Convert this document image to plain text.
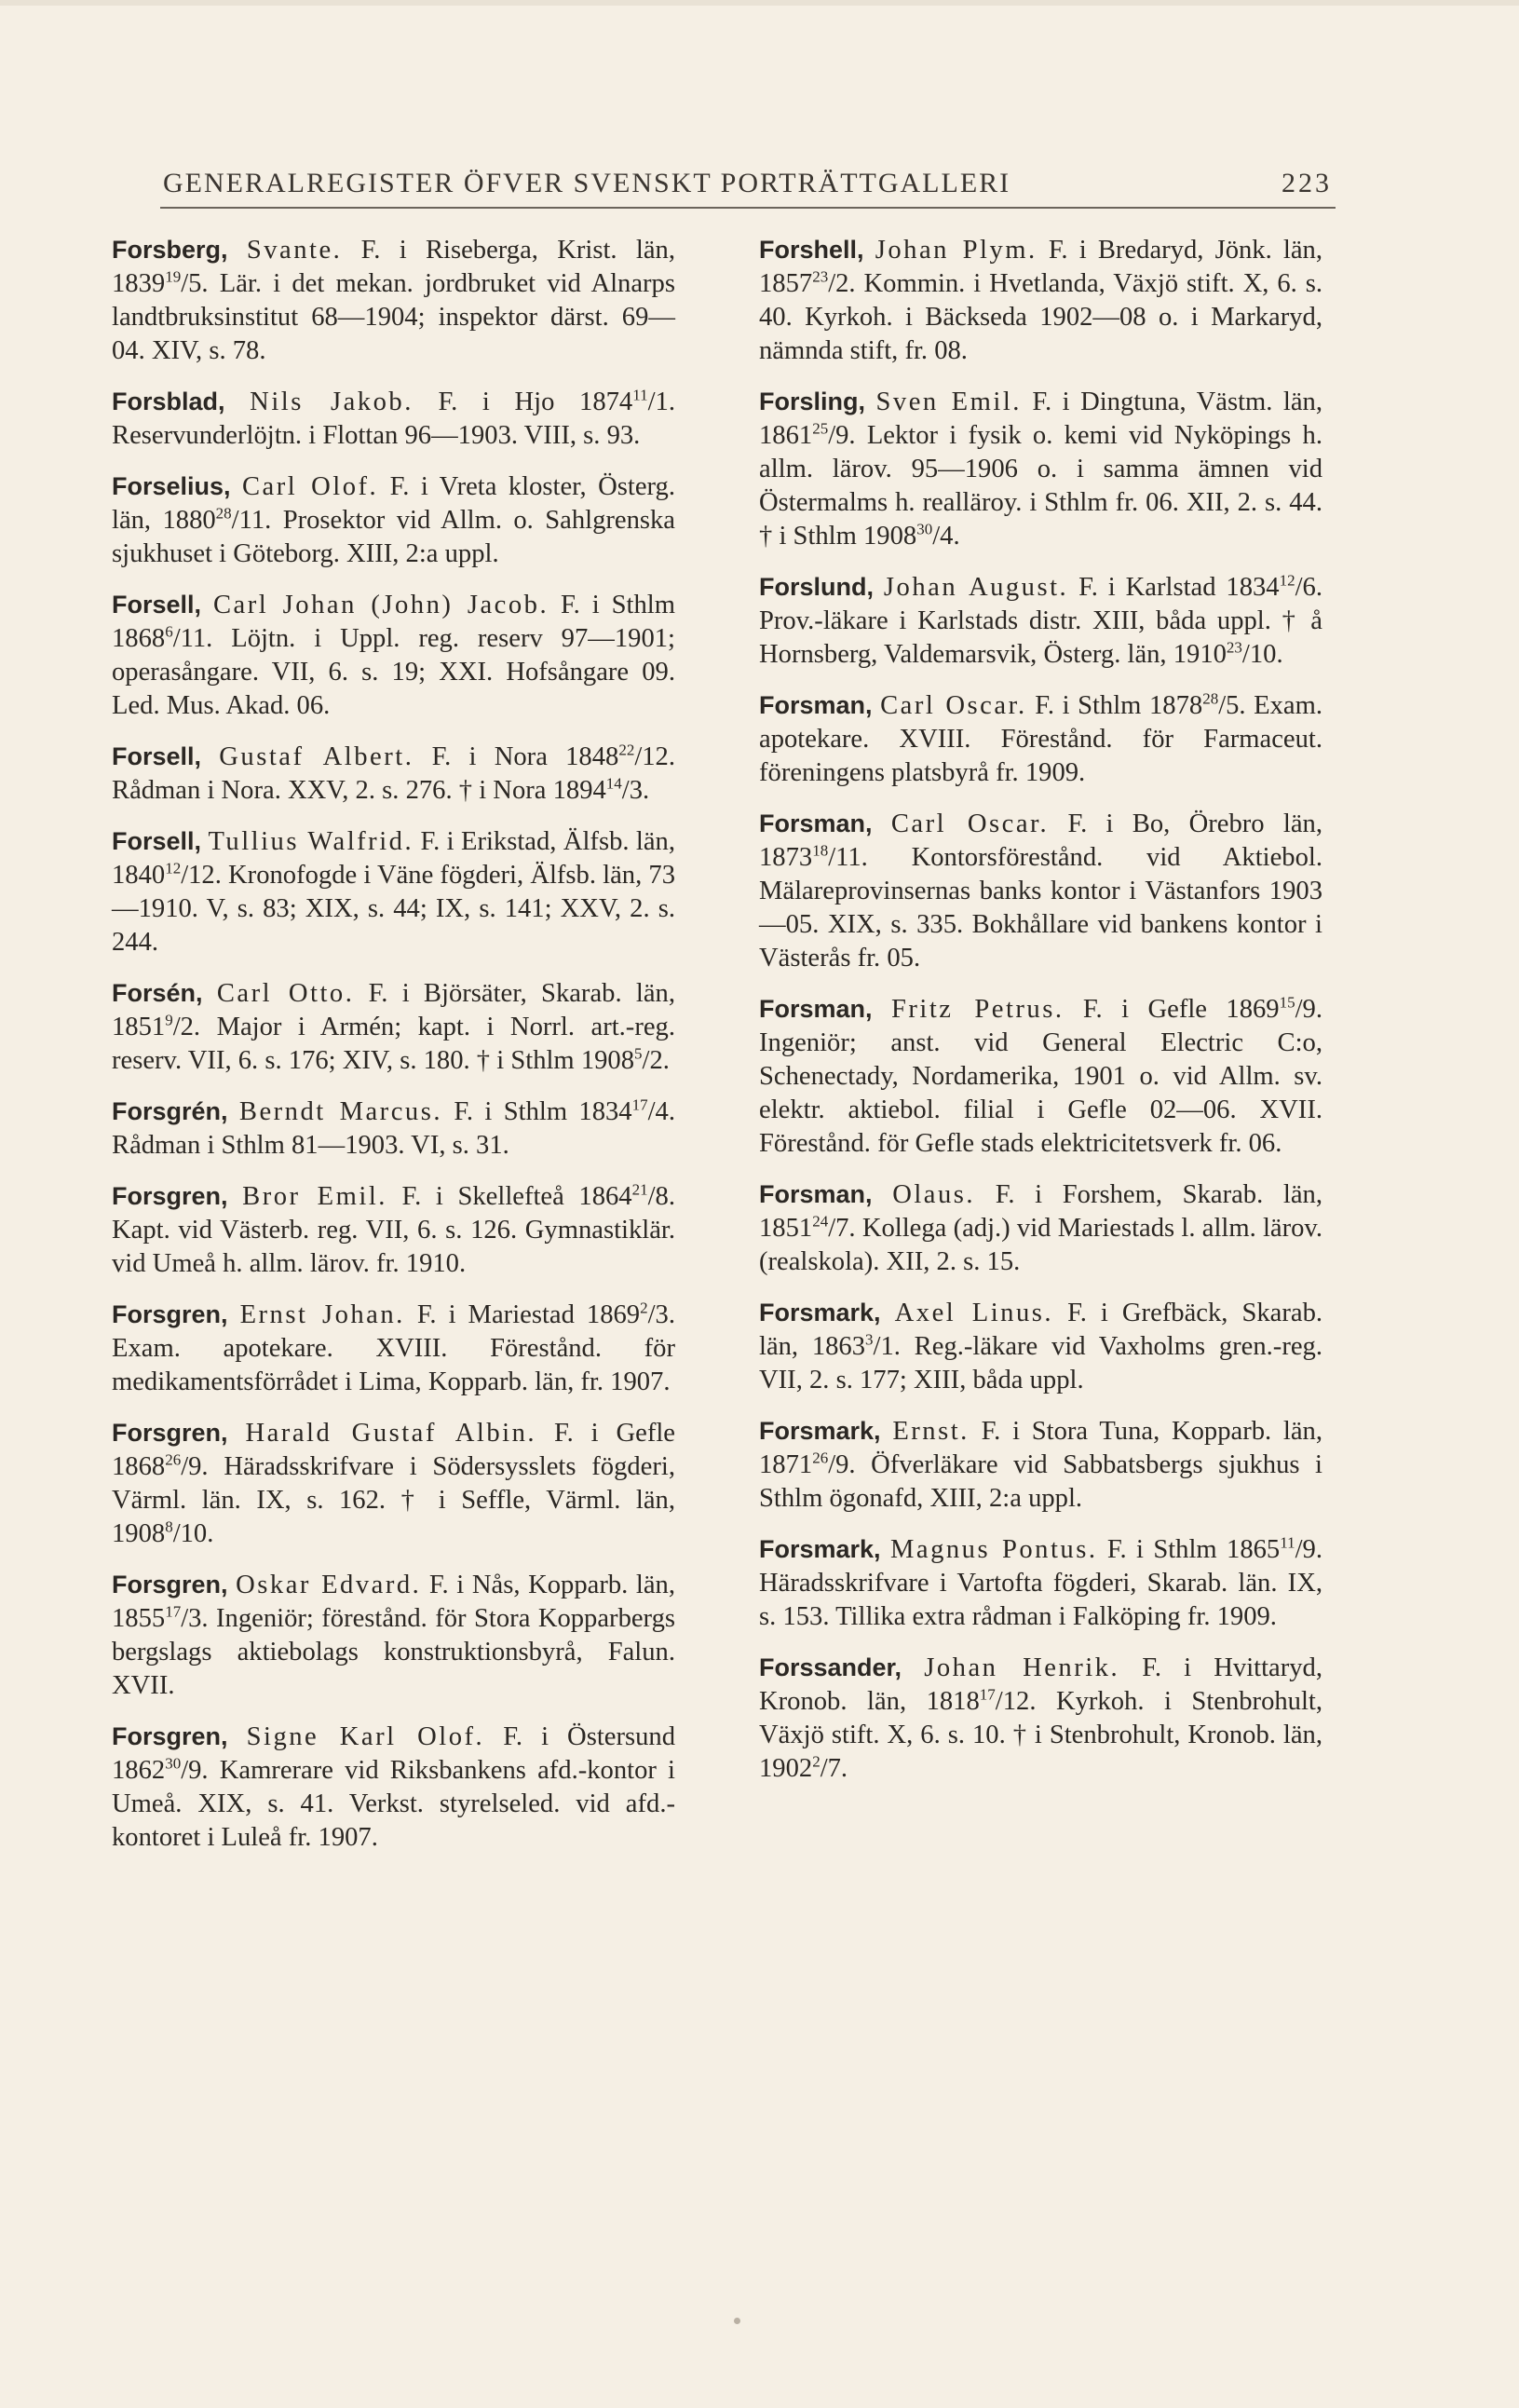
GENERALREGISTER ÖFVER SVENSKT PORTRÄTTGALLERI	223

Forsberg, Svante. F. i Riseberga, Krist. län, 1839$^{19}$/5. Lär. i det mekan. jordbruket vid Alnarps landtbruksinstitut 68—1904; inspektor därst. 69—04. XIV, s. 78.

Forsblad, Nils Jakob. F. i Hjo 1874$^{11}$/1. Reservunderlöjtn. i Flottan 96—1903. VIII, s. 93.

Forselius, Carl Olof. F. i Vreta kloster, Österg. län, 1880$^{28}$/11. Prosektor vid Allm. o. Sahlgrenska sjukhuset i Göteborg. XIII, 2:a uppl.

Forsell, Carl Johan (John) Jacob. F. i Sthlm 1868$^6$/11. Löjtn. i Uppl. reg. reserv 97—1901; operasångare. VII, 6. s. 19; XXI. Hofsångare 09. Led. Mus. Akad. 06.

Forsell, Gustaf Albert. F. i Nora 1848$^{22}$/12. Rådman i Nora. XXV, 2. s. 276. † i Nora 1894$^{14}$/3.

Forsell, Tullius Walfrid. F. i Erikstad, Älfsb. län, 1840$^{12}$/12. Kronofogde i Väne fögderi, Älfsb. län, 73—1910. V, s. 83; XIX, s. 44; IX, s. 141; XXV, 2. s. 244.

Forsén, Carl Otto. F. i Björsäter, Skarab. län, 1851$^9$/2. Major i Armén; kapt. i Norrl. art.-reg. reserv. VII, 6. s. 176; XIV, s. 180. † i Sthlm 1908$^5$/2.

Forsgrén, Berndt Marcus. F. i Sthlm 1834$^{17}$/4. Rådman i Sthlm 81—1903. VI, s. 31.

Forsgren, Bror Emil. F. i Skellefteå 1864$^{21}$/8. Kapt. vid Västerb. reg. VII, 6. s. 126. Gymnastiklär. vid Umeå h. allm. lärov. fr. 1910.

Forsgren, Ernst Johan. F. i Mariestad 1869$^2$/3. Exam. apotekare. XVIII. Förestånd. för medikamentsförrådet i Lima, Kopparb. län, fr. 1907.

Forsgren, Harald Gustaf Albin. F. i Gefle 1868$^{26}$/9. Häradsskrifvare i Södersysslets fögderi, Värml. län. IX, s. 162. † i Seffle, Värml. län, 1908$^8$/10.

Forsgren, Oskar Edvard. F. i Nås, Kopparb. län, 1855$^{17}$/3. Ingeniör; förestånd. för Stora Kopparbergs bergslags aktiebolags konstruktionsbyrå, Falun. XVII.

Forsgren, Signe Karl Olof. F. i Östersund 1862$^{30}$/9. Kamrerare vid Riksbankens afd.-kontor i Umeå. XIX, s. 41. Verkst. styrelseled. vid afd.-kontoret i Luleå fr. 1907.

Forshell, Johan Plym. F. i Bredaryd, Jönk. län, 1857$^{23}$/2. Kommin. i Hvetlanda, Växjö stift. X, 6. s. 40. Kyrkoh. i Bäckseda 1902—08 o. i Markaryd, nämnda stift, fr. 08.

Forsling, Sven Emil. F. i Dingtuna, Västm. län, 1861$^{25}$/9. Lektor i fysik o. kemi vid Nyköpings h. allm. lärov. 95—1906 o. i samma ämnen vid Östermalms h. realläroy. i Sthlm fr. 06. XII, 2. s. 44. † i Sthlm 1908$^{30}$/4.

Forslund, Johan August. F. i Karlstad 1834$^{12}$/6. Prov.-läkare i Karlstads distr. XIII, båda uppl. † å Hornsberg, Valdemarsvik, Österg. län, 1910$^{23}$/10.

Forsman, Carl Oscar. F. i Sthlm 1878$^{28}$/5. Exam. apotekare. XVIII. Förestånd. för Farmaceut. föreningens platsbyrå fr. 1909.

Forsman, Carl Oscar. F. i Bo, Örebro län, 1873$^{18}$/11. Kontorsförestånd. vid Aktiebol. Mälareprovinsernas banks kontor i Västanfors 1903—05. XIX, s. 335. Bokhållare vid bankens kontor i Västerås fr. 05.

Forsman, Fritz Petrus. F. i Gefle 1869$^{15}$/9. Ingeniör; anst. vid General Electric C:o, Schenectady, Nordamerika, 1901 o. vid Allm. sv. elektr. aktiebol. filial i Gefle 02—06. XVII. Förestånd. för Gefle stads elektricitetsverk fr. 06.

Forsman, Olaus. F. i Forshem, Skarab. län, 1851$^{24}$/7. Kollega (adj.) vid Mariestads l. allm. lärov. (realskola). XII, 2. s. 15.

Forsmark, Axel Linus. F. i Grefbäck, Skarab. län, 1863$^3$/1. Reg.-läkare vid Vaxholms gren.-reg. VII, 2. s. 177; XIII, båda uppl.

Forsmark, Ernst. F. i Stora Tuna, Kopparb. län, 1871$^{26}$/9. Öfverläkare vid Sabbatsbergs sjukhus i Sthlm ögonafd, XIII, 2:a uppl.

Forsmark, Magnus Pontus. F. i Sthlm 1865$^{11}$/9. Häradsskrifvare i Vartofta fögderi, Skarab. län. IX, s. 153. Tillika extra rådman i Falköping fr. 1909.

Forssander, Johan Henrik. F. i Hvittaryd, Kronob. län, 1818$^{17}$/12. Kyrkoh. i Stenbrohult, Växjö stift. X, 6. s. 10. † i Stenbrohult, Kronob. län, 1902$^2$/7.
